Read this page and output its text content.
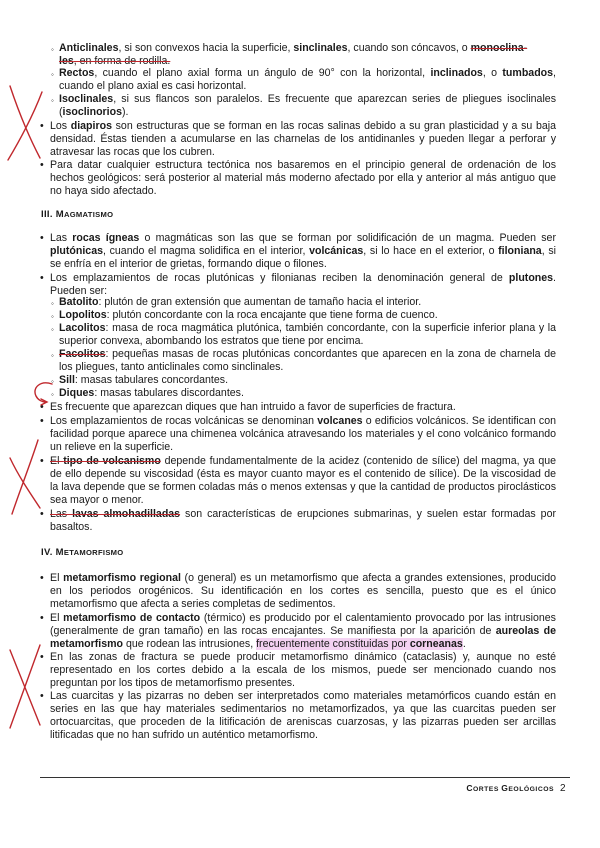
◦ Anticlinales, si son convexos hacia la superficie, sinclinales, cuando son cóncavos, o monoclina-
les, en forma de rodilla.
◦ Rectos, cuando el plano axial forma un ángulo de 90° con la horizontal, inclinados, o tumbados, cuando el plano axial es casi horizontal.
◦ Isoclinales, si sus flancos son paralelos. Es frecuente que aparezcan series de pliegues isoclinales (isoclinorios).
• Los diapiros son estructuras que se forman en las rocas salinas debido a su gran plasticidad y a su baja densidad. Éstas tienden a acumularse en las charnelas de los antidinanles y pueden llegar a perforar y atravesar las rocas que los cubren.
• Para datar cualquier estructura tectónica nos basaremos en el principio general de ordenación de los hechos geológicos: será posterior al material más moderno afectado por ella y anterior al más antiguo que no haya sido afectado.
III. MAGMATISMO
• Las rocas ígneas o magmáticas son las que se forman por solidificación de un magma. Pueden ser plutónicas, cuando el magma solidifica en el interior, volcánicas, si lo hace en el exterior, o filoniana, si se enfría en el interior de grietas, formando dique o filones.
• Los emplazamientos de rocas plutónicas y filonianas reciben la denominación general de plutones. Pueden ser:
◦ Batolito: plutón de gran extensión que aumentan de tamaño hacia el interior.
◦ Lopolitos: plutón concordante con la roca encajante que tiene forma de cuenco.
◦ Lacolitos: masa de roca magmática plutónica, también concordante, con la superficie inferior plana y la superior convexa, abombando los estratos que tiene por encima.
◦ Facolitos: pequeñas masas de rocas plutónicas concordantes que aparecen en la zona de charnela de los pliegues, tanto anticlinales como sinclinales.
◦ Sill: masas tabulares concordantes.
◦ Diques: masas tabulares discordantes.
• Es frecuente que aparezcan diques que han intruido a favor de superficies de fractura.
• Los emplazamientos de rocas volcánicas se denominan volcanes o edificios volcánicos. Se identifican con facilidad porque aparece una chimenea volcánica atravesando los materiales y el cono volcánico formando un relieve en la superficie.
• El tipo de volcanismo depende fundamentalmente de la acidez (contenido de sílice) del magma, ya que de ello depende su viscosidad (ésta es mayor cuanto mayor es el contenido de sílice). De la viscosidad de la lava depende que se formen coladas más o menos extensas y que la cantidad de productos piroclásticos sea mayor o menor.
• Las lavas almohadilladas son características de erupciones submarinas, y suelen estar formadas por basaltos.
IV. METAMORFISMO
• El metamorfismo regional (o general) es un metamorfismo que afecta a grandes extensiones, producido en los periodos orogénicos. Su identificación en los cortes es sencilla, puesto que es el único metamorfismo que afecta a series completas de sedimentos.
• El metamorfismo de contacto (térmico) es producido por el calentamiento provocado por las intrusiones (generalmente de gran tamaño) en las rocas encajantes. Se manifiesta por la aparición de aureolas de metamorfismo que rodean las intrusiones, frecuentemente constituidas por corneanas.
• En las zonas de fractura se puede producir metamorfismo dinámico (cataclasis) y, aunque no esté representado en los cortes debido a la escala de los mismos, puede ser mencionado cuando nos preguntan por los tipos de metamorfismo presentes.
• Las cuarcitas y las pizarras no deben ser interpretados como materiales metamórficos cuando están en series en las que hay materiales sedimentarios no metamorfizados, ya que las cuarcitas pueden ser ortocuarcitas, que proceden de la litificación de areniscas cuarzosas, y las pizarras pueden ser arcillas litificadas que no han sufrido un auténtico metamorfismo.
CORTES GEOLÓGICOS 2
